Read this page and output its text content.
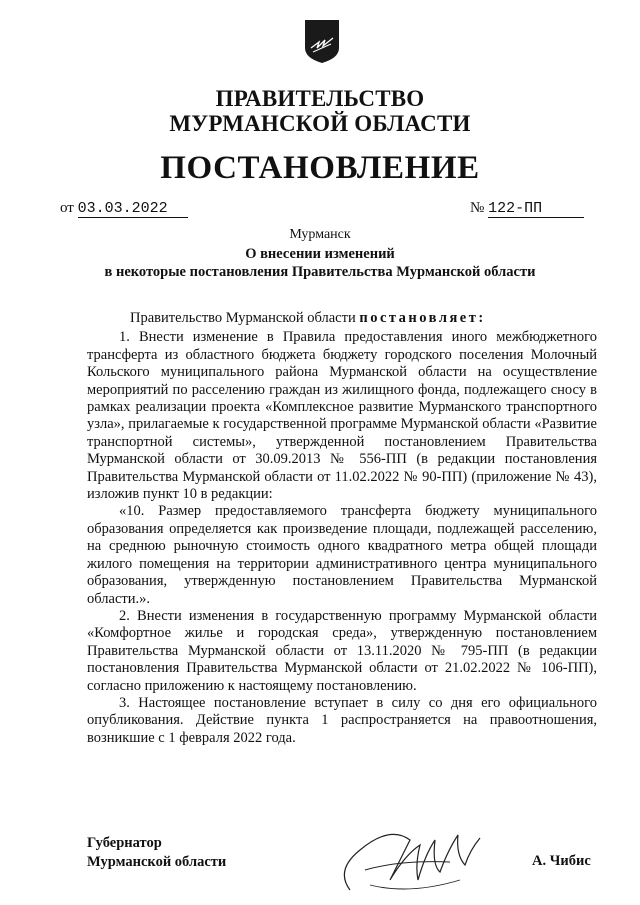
ПРАВИТЕЛЬСТВО
МУРМАНСКОЙ ОБЛАСТИ
ПОСТАНОВЛЕНИЕ
от 03.03.2022	№ 122-ПП
Мурманск
О внесении изменений
в некоторые постановления Правительства Мурманской области

Правительство Мурманской области постановляет:

1. Внести изменение в Правила предоставления иного межбюджетного трансферта из областного бюджета бюджету городского поселения Молочный Кольского муниципального района Мурманской области на осуществление мероприятий по расселению граждан из жилищного фонда, подлежащего сносу в рамках реализации проекта «Комплексное развитие Мурманского транспортного узла», прилагаемые к государственной программе Мурманской области «Развитие транспортной системы», утвержденной постановлением Правительства Мурманской области от 30.09.2013 № 556-ПП (в редакции постановления Правительства Мурманской области от 11.02.2022 № 90-ПП) (приложение № 43), изложив пункт 10 в редакции:

«10. Размер предоставляемого трансферта бюджету муниципального образования определяется как произведение площади, подлежащей расселению, на среднюю рыночную стоимость одного квадратного метра общей площади жилого помещения на территории административного центра муниципального образования, утвержденную постановлением Правительства Мурманской области.».

2. Внести изменения в государственную программу Мурманской области «Комфортное жилье и городская среда», утвержденную постановлением Правительства Мурманской области от 13.11.2020 № 795-ПП (в редакции постановления Правительства Мурманской области от 21.02.2022 № 106-ПП), согласно приложению к настоящему постановлению.

3. Настоящее постановление вступает в силу со дня его официального опубликования. Действие пункта 1 распространяется на правоотношения, возникшие с 1 февраля 2022 года.

Губернатор
Мурманской области	А. Чибис
